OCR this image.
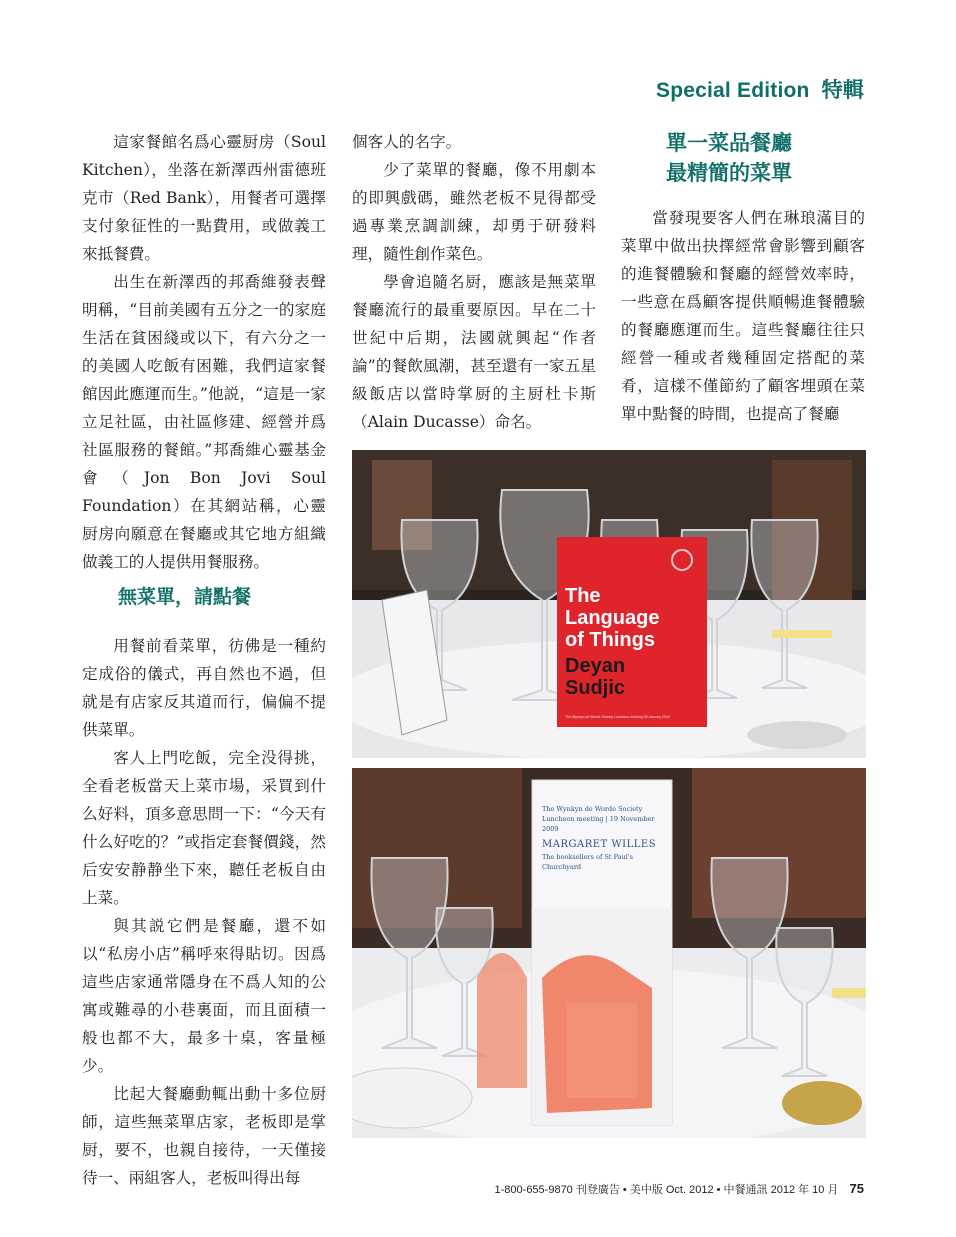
Special Edition 特輯

這家餐館名爲心靈厨房（Soul Kitchen），坐落在新澤西州雷德班克市（Red Bank），用餐者可選擇支付象征性的一點費用，或做義工來抵餐費。

出生在新澤西的邦喬維發表聲明稱，“目前美國有五分之一的家庭生活在貧困綫或以下，有六分之一的美國人吃飯有困難，我們這家餐館因此應運而生。”他説，“這是一家立足社區，由社區修建、經營并爲社區服務的餐館。”邦喬維心靈基金會（Jon Bon Jovi Soul Foundation）在其網站稱，心靈厨房向願意在餐廳或其它地方組織做義工的人提供用餐服務。

無菜單，請點餐

用餐前看菜單，彷佛是一種約定成俗的儀式，再自然也不過，但就是有店家反其道而行，偏偏不提供菜單。

客人上門吃飯，完全没得挑，全看老板當天上菜市場，采買到什么好料，頂多意思問一下：“今天有什么好吃的？”或指定套餐價錢，然后安安静静坐下來，聽任老板自由上菜。

與其説它們是餐廳，還不如以“私房小店”稱呼來得貼切。因爲這些店家通常隱身在不爲人知的公寓或難尋的小巷裏面，而且面積一般也都不大，最多十桌，客量極少。

比起大餐廳動輒出動十多位厨師，這些無菜單店家，老板即是掌厨，要不，也親自接待，一天僅接待一、兩組客人，老板叫得出每

個客人的名字。

少了菜單的餐廳，像不用劇本的即興戲碼，雖然老板不見得都受過專業烹調訓練，却勇于研發料理，隨性創作菜色。

學會追隨名厨，應該是無菜單餐廳流行的最重要原因。早在二十世紀中后期，法國就興起“作者論”的餐飲風潮，甚至還有一家五星級飯店以當時掌厨的主厨杜卡斯（Alain Ducasse）命名。

單一菜品餐廳
最精簡的菜單

當發現要客人們在琳琅滿目的菜單中做出抉擇經常會影響到顧客的進餐體驗和餐廳的經營效率時，一些意在爲顧客提供順暢進餐體驗的餐廳應運而生。這些餐廳往往只經營一種或者幾種固定搭配的菜肴，這樣不僅節約了顧客埋頭在菜單中點餐的時間，也提高了餐廳

The
Language
of Things
Deyan
Sudjic
The Wynkyn de Worde Society Luncheon meeting 25 January 2012
The Wynkyn de Worde Society
Luncheon meeting | 19 November 2009
MARGARET WILLES
The booksellers of St Paul's Churchyard
1-800-655-9870 刊登廣告 • 美中版 Oct. 2012 • 中餐通訊 2012 年 10 月 75
